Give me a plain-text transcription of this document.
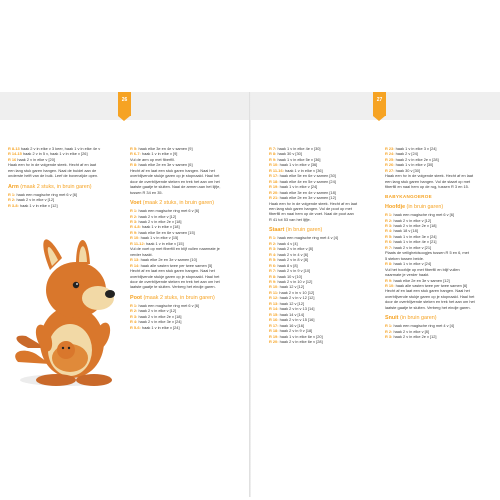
26
R 8-13 haak 2 v in elke v 3 keer, haak 1 v in elke 4e v
R 14-15 haak 2 v in 5 v, haak 1 v in elke v [26]
R 16 haak 2 v in elke v [20]
Haak een hv in de volgende steek. Hecht af en laat
een lang stuk garen hangen. Naai de buidel aan de
onderste helft van de buik. Leef de bovenzijde open.
Arm (maak 2 stuks, in bruin garen)
R 1: haak een magische ring met 6 v [6]
R 2: haak 2 v in elke v [12]
R 3-8: haak 1 v in elke v [12]
R 5: haak elke 3e en 4e v samen [9]
R 6-7: haak 1 v in elke v [9]
Vul de arm op met fiberfill.
R 8: haak elke 2e en 3e v samen [6]
Hecht af en laat een stuk garen hangen. Naai het
overblijvende stukje garen op je stopnaald. Haal het
door de overblijvende steken en trek het aan om het
laatste gaatje te sluiten. Naai de armen aan het lijfje,
tussen R 34 en 35.
Voet (maak 2 stuks, in bruin garen)
R 1: haak een magische ring met 6 v [6]
R 2: haak 2 v in elke v [12]
R 3: haak 2 v in elke 2e v [18]
R 4-8: haak 1 v in elke v [18]
R 9: haak elke 5e en 6e v samen [15]
R 10: haak 1 v in elke v [15]
R 11-12: haak 1 v in elke v [15]
Vul de voet op met fiberfill en blijf vullen naarmate je
verder haakt.
R 13: haak elke 2e en 3e v samen [10]
R 14: haak alle vasten twee per twee samen [5]
Hecht af en laat een stuk garen hangen. Naai het
overblijvende stukje garen op je stopnaald. Haal het
door de overblijvende steken en trek het aan om het
laatste gaatje te sluiten. Verberg het eindje garen.
Poot (maak 2 stuks, in bruin garen)
R 1: haak een magische ring met 6 v [6]
R 2: haak 2 v in elke v [12]
R 3: haak 2 v in elke 2e v [18]
R 4: haak 2 v in elke 3e v [24]
R 5-6: haak 1 v in elke v [24]
27
R 7: haak 1 v in elke 4e v [30]
R 8: haak 30 v [30]
R 9: haak 1 v in elke 5e v [36]
R 10: haak 1 v in elke v [36]
R 11-16: haak 1 v in elke v [36]
R 17: haak elke 5e en 6e v samen [30]
R 18: haak elke 4e en 5e v samen [24]
R 19: haak 1 v in elke v [24]
R 20: haak elke 3e en 4e v samen [18]
R 21: haak elke 2e en 3e v samen [12]
Haak een hv in de volgende steek. Hecht af en laat
een lang stuk garen hangen. Vul de poot op met
fiberfill en naai hem op de voet. Naai de poot aan
R 41 tot 53 van het lijfje.
Staart (in bruin garen)
R 1: haak een magische ring met 4 v [4]
R 2: haak 4 v [4]
R 3: haak 2 v in elke v [8]
R 4: haak 2 v in 4 v [6]
R 5: haak 2 v in 8 v [8]
R 6: haak 8 v [8]
R 7: haak 2 v in 9 v [10]
R 8: haak 10 v [10]
R 9: haak 2 v in 10 v [12]
R 10: haak 12 v [12]
R 11: haak 2 v in v 10 [12]
R 12: haak 2 v in v 12 [12]
R 13: haak 12 v [12]
R 14: haak 2 v in v 13 [14]
R 15: haak 14 v [14]
R 16: haak 2 v in v 15 [16]
R 17: haak 16 v [16]
R 18: haak 2 v in 9 v [18]
R 19: haak 1 v in elke 6e v [20]
R 20: haak 2 v in elke 6e v [28]
R 23: haak 1 v in elke 3 v [24]
R 24: haak 2 v [24]
R 25: haak 2 v in elke 2e v [28]
R 26: haak 1 v in elke v [30]
R 27: haak 30 v [30]
Haak een hv in de volgende steek. Hecht af en laat
een lang stuk garen hangen. Vul de staart op met
fiberfill en naai hem op de rug, tussen R 3 en 15.
BABYKANGOEROE
Hoofdje (in bruin garen)
R 1: haak een magische ring met 6 v [6]
R 2: haak 2 v in elke v [12]
R 3: haak 2 v in elke 2e v [18]
R 4: haak 18 v [18]
R 5: haak 1 v in elke 3e v [24]
R 6: haak 1 v in elke 4e v [21]
R 7: haak 2 v in elke v [21]
Plaats de veiligheidsoogjes tussen R 5 en 6, met
5 steken tussen beide.
R 8: haak 1 v in elke v [24]
Vul het hoofdje op met fiberfill en blijf vullen
naarmate je verder haakt.
R 9: haak elke 2e en 3e v samen [12]
R 10: haak alle vasten twee per twee samen [6]
Hecht af en laat een stuk garen hangen. Naai het
overblijvende stukje garen op je stopnaald. Haal het
door de overblijvende steken en trek het aan om het
laatste gaatje te sluiten. Verberg het eindje garen.
Snuit (in bruin garen)
R 1: haak een magische ring met 4 v [4]
R 2: haak 2 v in elke v [8]
R 3: haak 2 v in elke 2e v [12]
